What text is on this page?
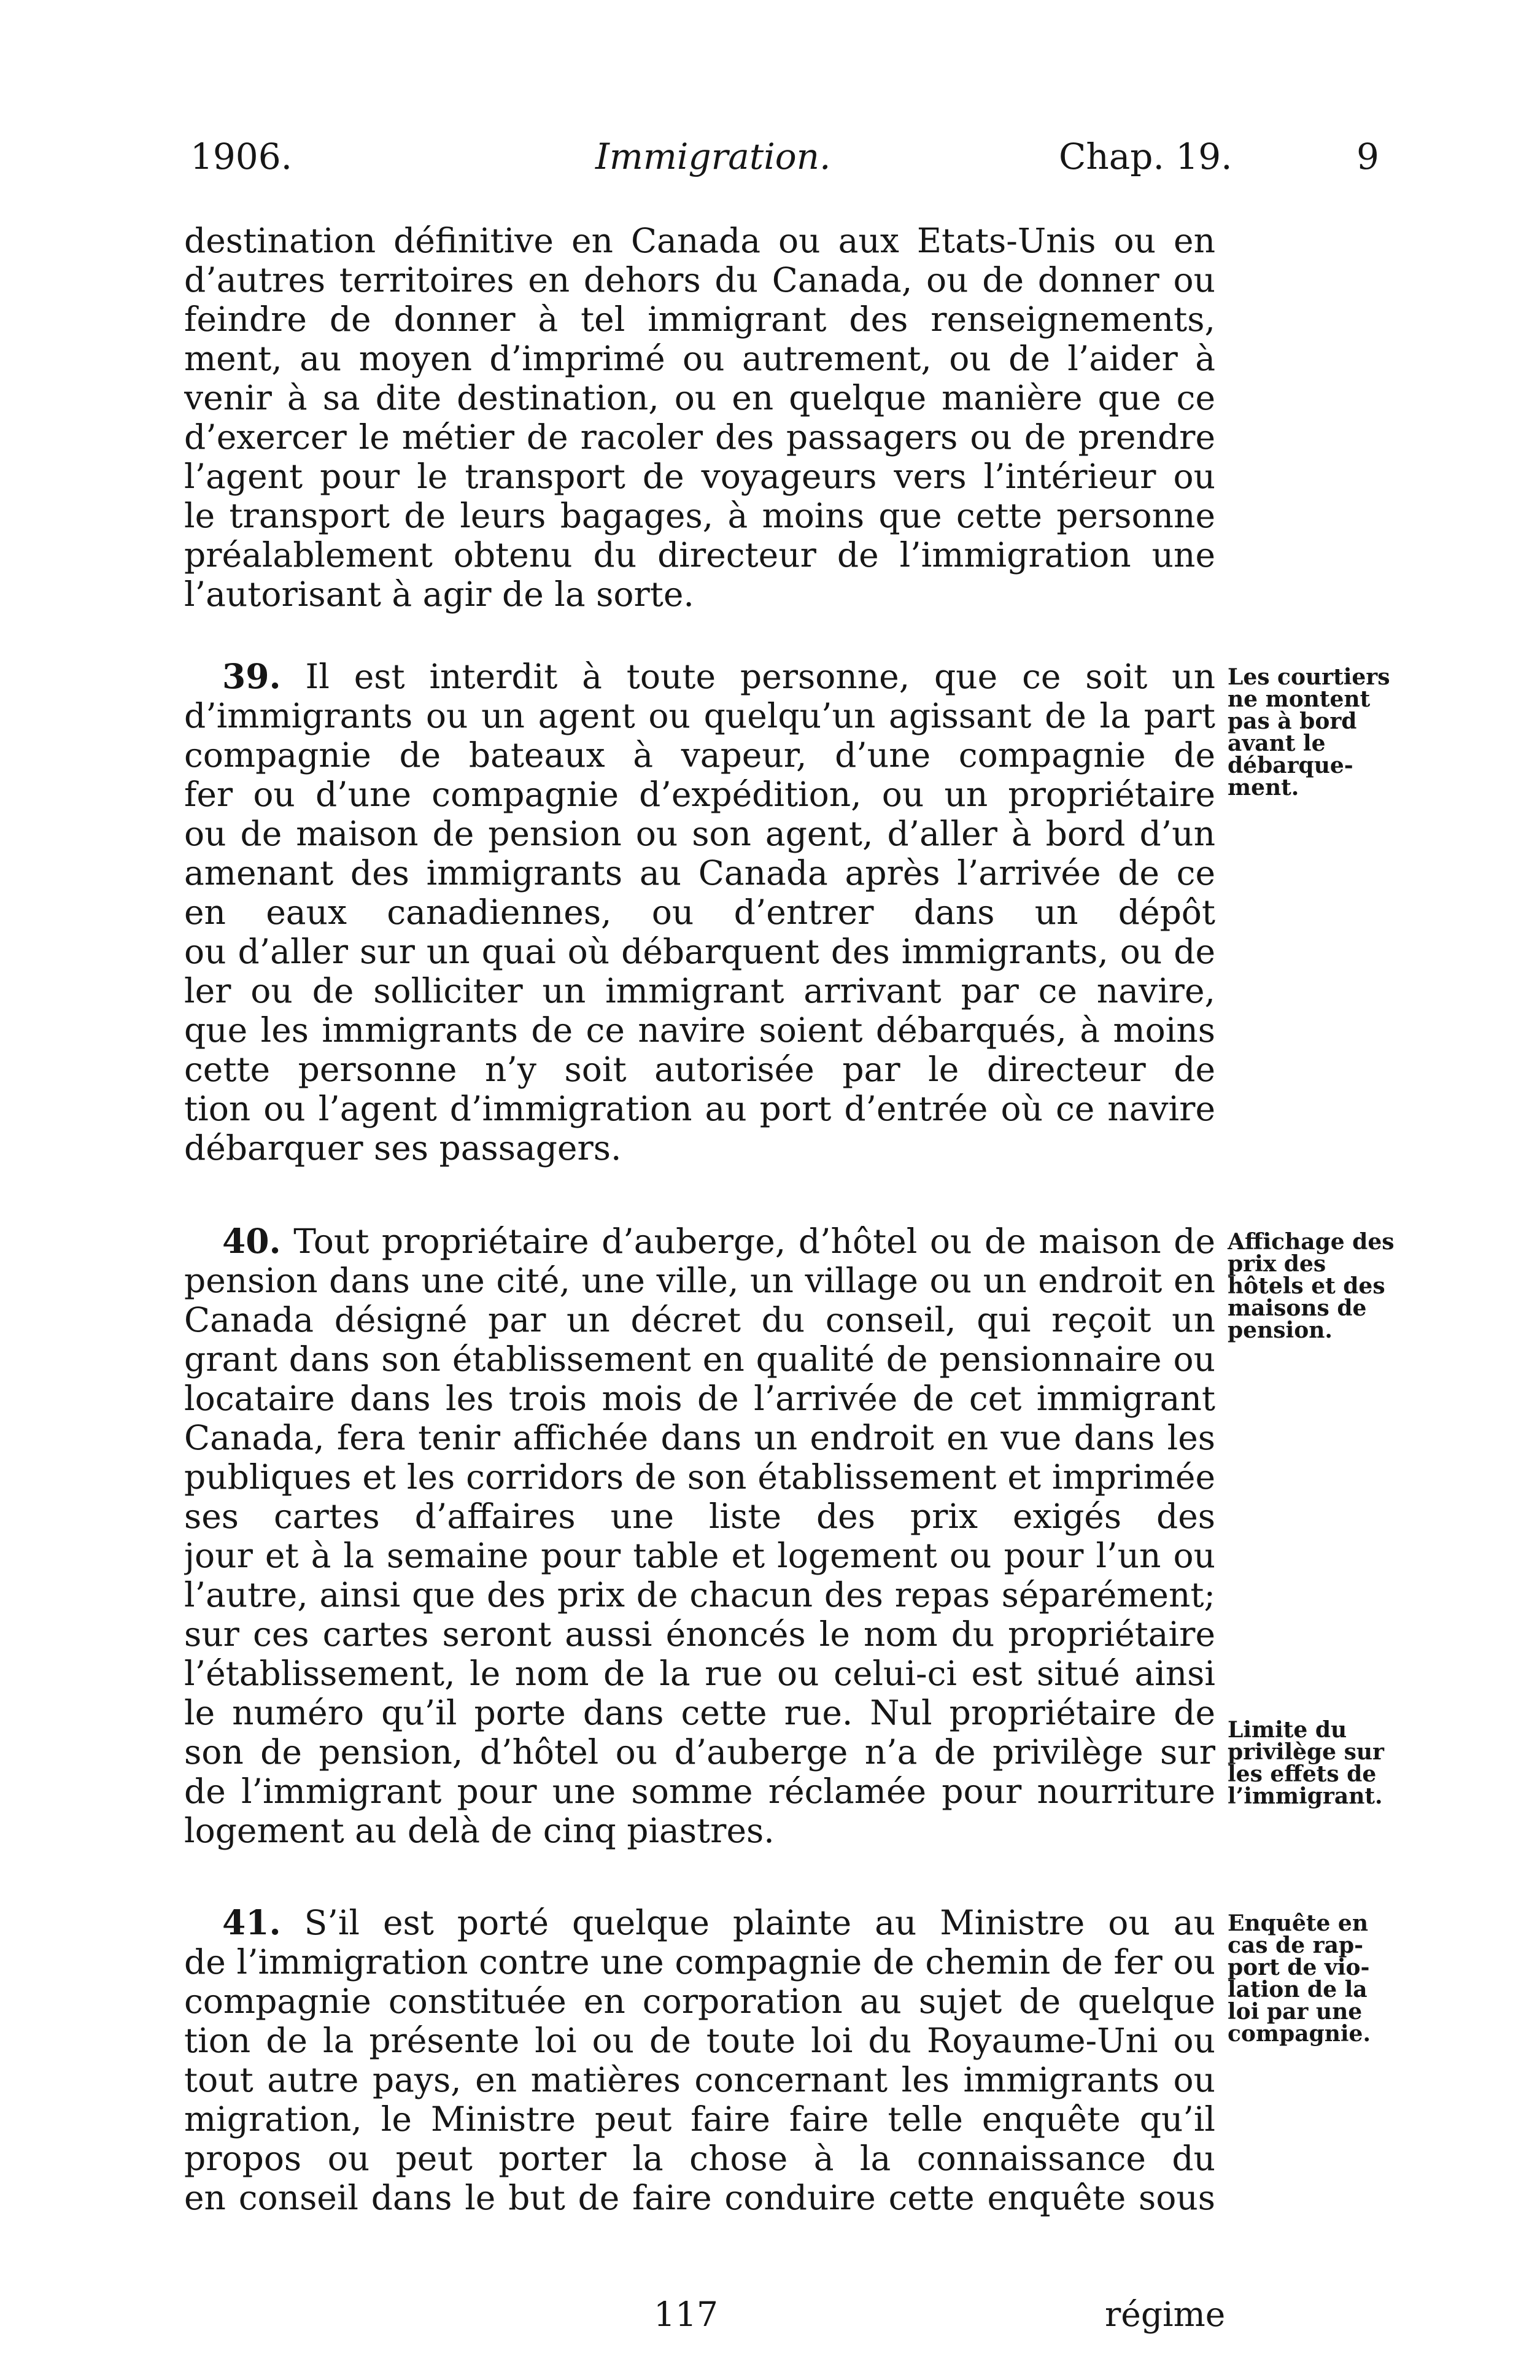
1906.	Immigration.	Chap. 19.	9
destination définitive en Canada ou aux Etats-Unis ou en
d’autres territoires en dehors du Canada, ou de donner ou
feindre de donner à tel immigrant des renseignements,
ment, au moyen d’imprimé ou autrement, ou de l’aider à
venir à sa dite destination, ou en quelque manière que ce
d’exercer le métier de racoler des passagers ou de prendre
l’agent pour le transport de voyageurs vers l’intérieur ou
le transport de leurs bagages, à moins que cette personne
préalablement obtenu du directeur de l’immigration une
l’autorisant à agir de la sorte.
39. Il est interdit à toute personne, que ce soit un
d’immigrants ou un agent ou quelqu’un agissant de la part
compagnie de bateaux à vapeur, d’une compagnie de
fer ou d’une compagnie d’expédition, ou un propriétaire
ou de maison de pension ou son agent, d’aller à bord d’un
amenant des immigrants au Canada après l’arrivée de ce
en eaux canadiennes, ou d’entrer dans un dépôt
ou d’aller sur un quai où débarquent des immigrants, ou de
ler ou de solliciter un immigrant arrivant par ce navire,
que les immigrants de ce navire soient débarqués, à moins
cette personne n’y soit autorisée par le directeur de
tion ou l’agent d’immigration au port d’entrée où ce navire
débarquer ses passagers.
Les courtiers
ne montent
pas à bord
avant le
débarque-
ment.
40. Tout propriétaire d’auberge, d’hôtel ou de maison de
pension dans une cité, une ville, un village ou un endroit en
Canada désigné par un décret du conseil, qui reçoit un
grant dans son établissement en qualité de pensionnaire ou
locataire dans les trois mois de l’arrivée de cet immigrant
Canada, fera tenir affichée dans un endroit en vue dans les
publiques et les corridors de son établissement et imprimée
ses cartes d’affaires une liste des prix exigés des
jour et à la semaine pour table et logement ou pour l’un ou
l’autre, ainsi que des prix de chacun des repas séparément;
sur ces cartes seront aussi énoncés le nom du propriétaire
l’établissement, le nom de la rue ou celui-ci est situé ainsi
le numéro qu’il porte dans cette rue. Nul propriétaire de
son de pension, d’hôtel ou d’auberge n’a de privilège sur
de l’immigrant pour une somme réclamée pour nourriture
logement au delà de cinq piastres.
Affichage des
prix des
hôtels et des
maisons de
pension.
Limite du
privilège sur
les effets de
l’immigrant.
41. S’il est porté quelque plainte au Ministre ou au
de l’immigration contre une compagnie de chemin de fer ou
compagnie constituée en corporation au sujet de quelque
tion de la présente loi ou de toute loi du Royaume-Uni ou
tout autre pays, en matières concernant les immigrants ou
migration, le Ministre peut faire faire telle enquête qu’il
propos ou peut porter la chose à la connaissance du
en conseil dans le but de faire conduire cette enquête sous
Enquête en
cas de rap-
port de vio-
lation de la
loi par une
compagnie.
117	régime
